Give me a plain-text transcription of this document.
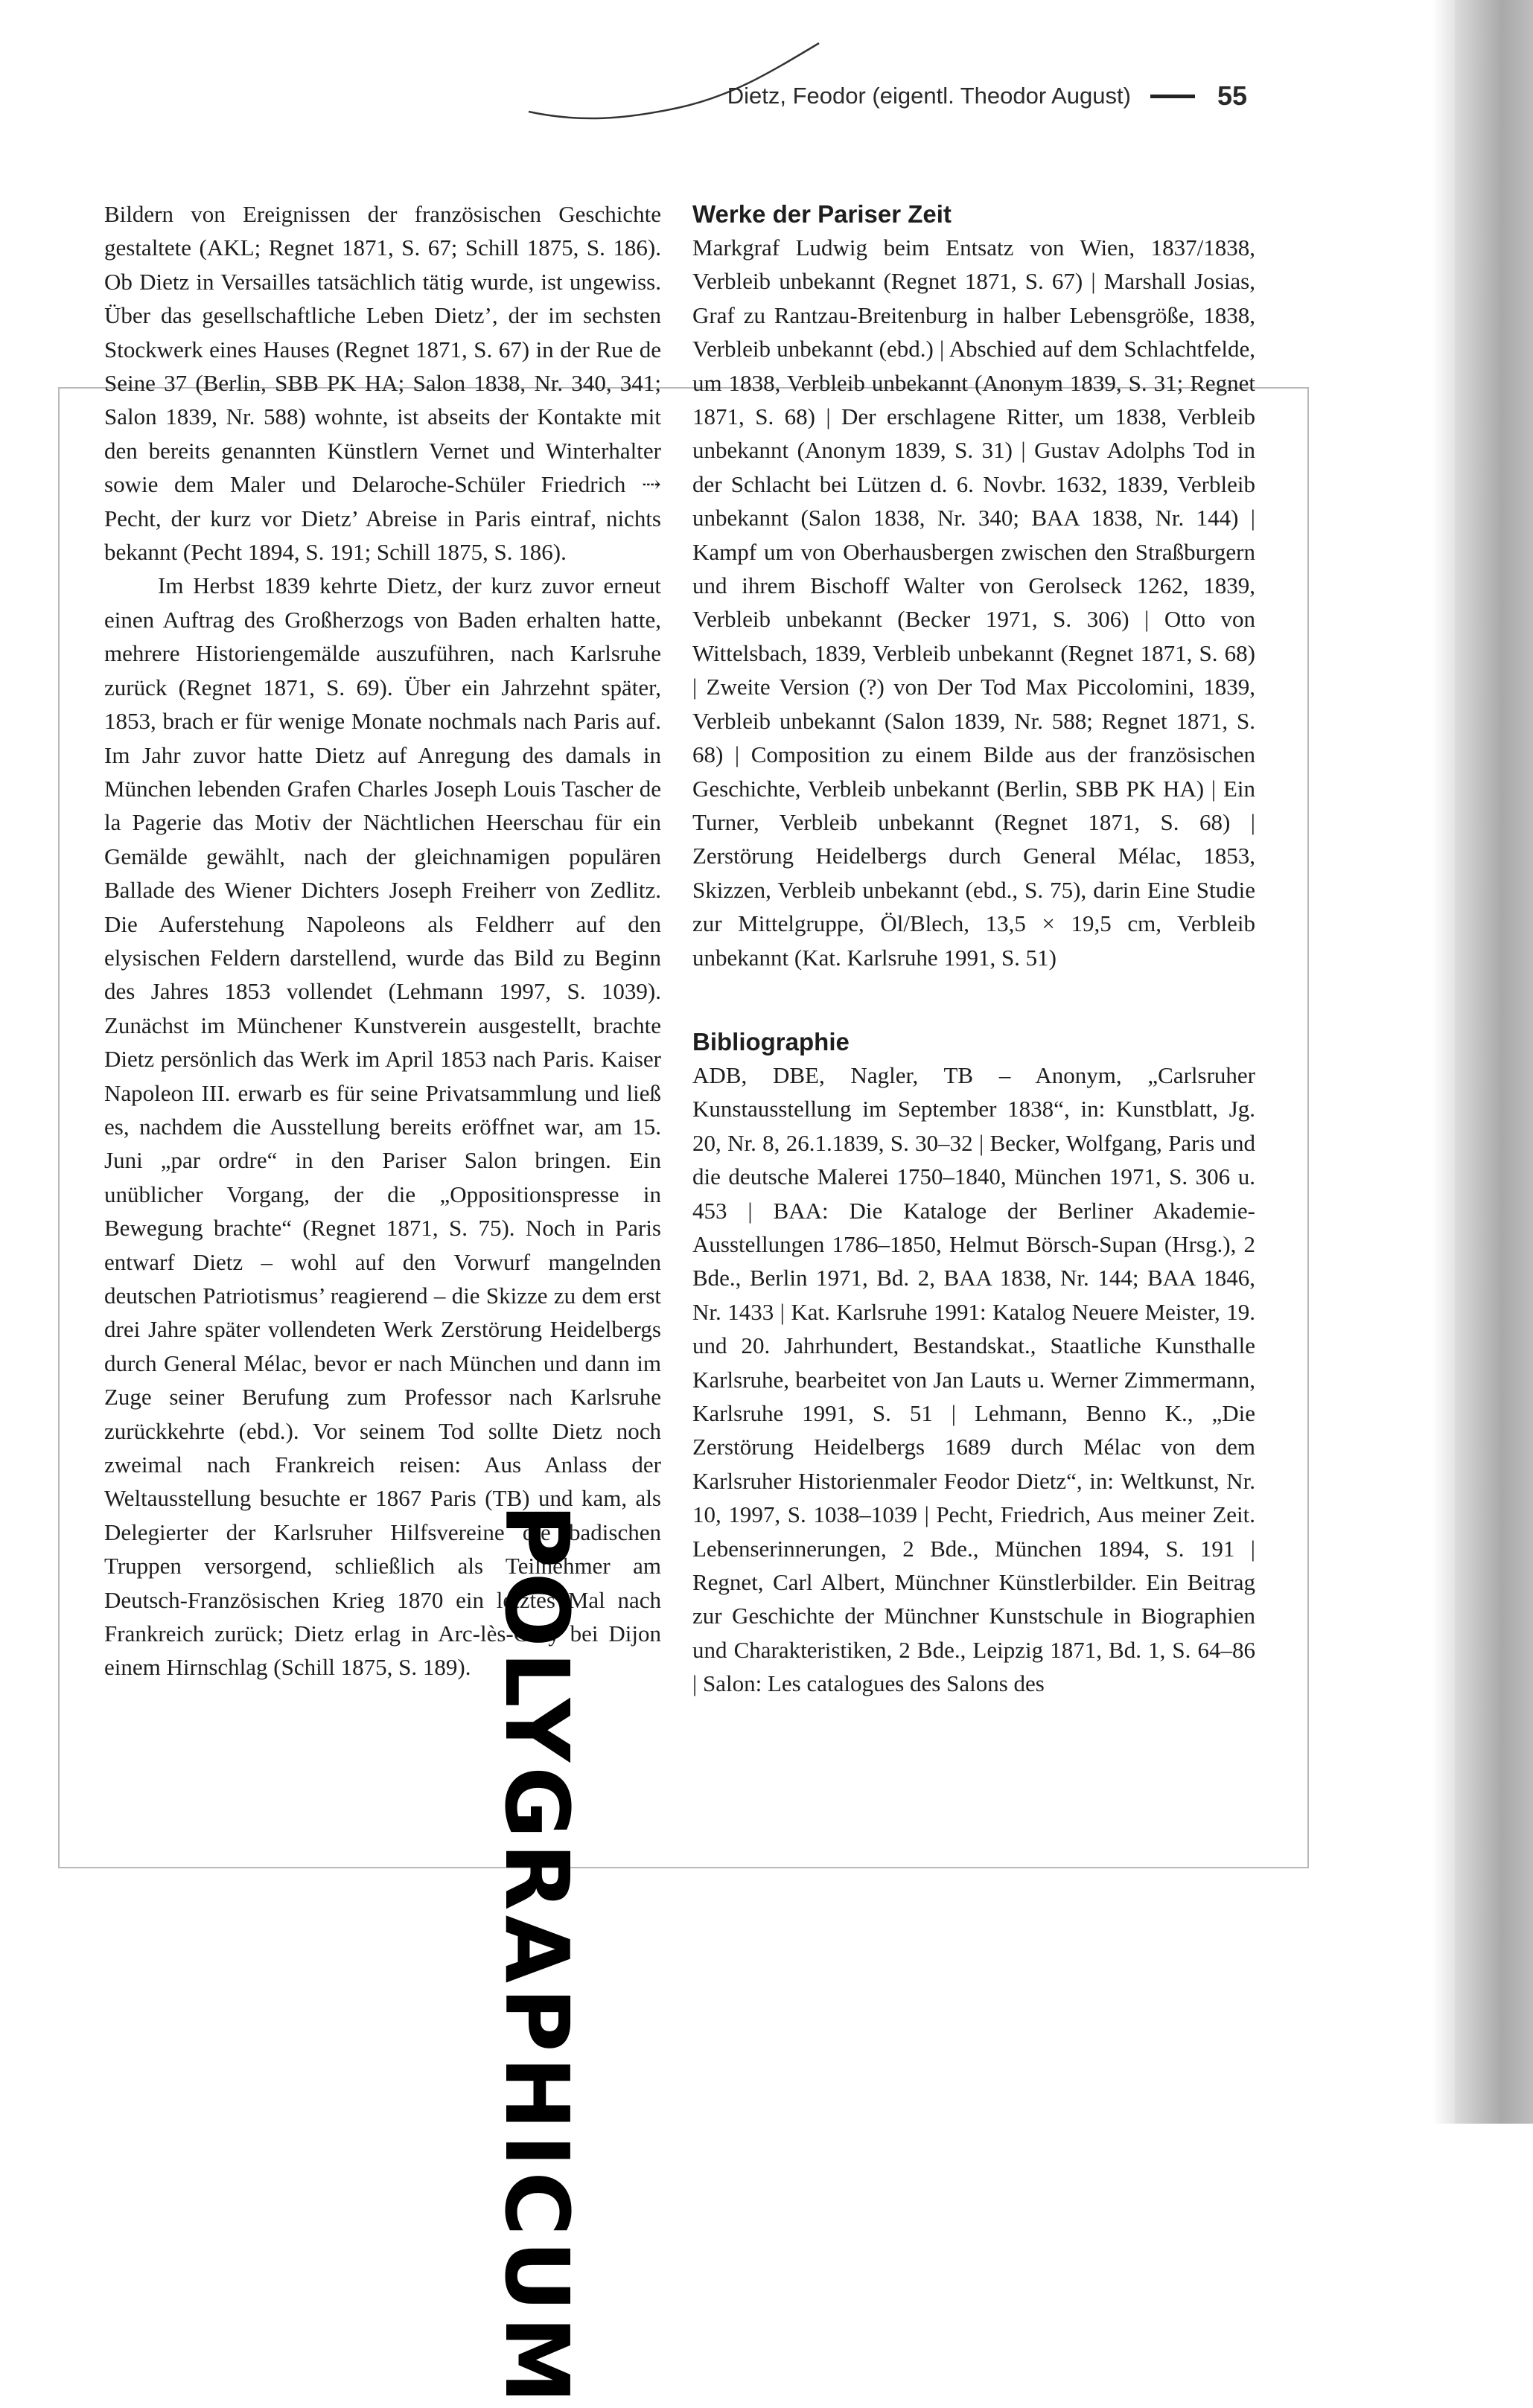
Dietz, Feodor (eigentl. Theodor August)	55

Bildern von Ereignissen der französischen Geschichte gestaltete (AKL; Regnet 1871, S. 67; Schill 1875, S. 186). Ob Dietz in Versailles tatsächlich tätig wurde, ist ungewiss. Über das gesellschaftliche Leben Dietz’, der im sechsten Stockwerk eines Hauses (Regnet 1871, S. 67) in der Rue de Seine 37 (Berlin, SBB PK HA; Salon 1838, Nr. 340, 341; Salon 1839, Nr. 588) wohnte, ist abseits der Kontakte mit den bereits genannten Künstlern Vernet und Winterhalter sowie dem Maler und Delaroche-Schüler Friedrich ⇢ Pecht, der kurz vor Dietz’ Abreise in Paris eintraf, nichts bekannt (Pecht 1894, S. 191; Schill 1875, S. 186).

Im Herbst 1839 kehrte Dietz, der kurz zuvor erneut einen Auftrag des Großherzogs von Baden erhalten hatte, mehrere Historiengemälde auszuführen, nach Karlsruhe zurück (Regnet 1871, S. 69). Über ein Jahrzehnt später, 1853, brach er für wenige Monate nochmals nach Paris auf. Im Jahr zuvor hatte Dietz auf Anregung des damals in München lebenden Grafen Charles Joseph Louis Tascher de la Pagerie das Motiv der Nächtlichen Heerschau für ein Gemälde gewählt, nach der gleichnamigen populären Ballade des Wiener Dichters Joseph Freiherr von Zedlitz. Die Auferstehung Napoleons als Feldherr auf den elysischen Feldern darstellend, wurde das Bild zu Beginn des Jahres 1853 vollendet (Lehmann 1997, S. 1039). Zunächst im Münchener Kunstverein ausgestellt, brachte Dietz persönlich das Werk im April 1853 nach Paris. Kaiser Napoleon III. erwarb es für seine Privatsammlung und ließ es, nachdem die Ausstellung bereits eröffnet war, am 15. Juni „par ordre“ in den Pariser Salon bringen. Ein unüblicher Vorgang, der die „Oppositionspresse in Bewegung brachte“ (Regnet 1871, S. 75). Noch in Paris entwarf Dietz – wohl auf den Vorwurf mangelnden deutschen Patriotismus’ reagierend – die Skizze zu dem erst drei Jahre später vollendeten Werk Zerstörung Heidelbergs durch General Mélac, bevor er nach München und dann im Zuge seiner Berufung zum Professor nach Karlsruhe zurückkehrte (ebd.). Vor seinem Tod sollte Dietz noch zweimal nach Frankreich reisen: Aus Anlass der Weltausstellung besuchte er 1867 Paris (TB) und kam, als Delegierter der Karlsruher Hilfsvereine die badischen Truppen versorgend, schließlich als Teilnehmer am Deutsch-Französischen Krieg 1870 ein letztes Mal nach Frankreich zurück; Dietz erlag in Arc-lès-Gray bei Dijon einem Hirnschlag (Schill 1875, S. 189).

Werke der Pariser Zeit

Markgraf Ludwig beim Entsatz von Wien, 1837/1838, Verbleib unbekannt (Regnet 1871, S. 67) | Marshall Josias, Graf zu Rantzau-Breitenburg in halber Lebensgröße, 1838, Verbleib unbekannt (ebd.) | Abschied auf dem Schlachtfelde, um 1838, Verbleib unbekannt (Anonym 1839, S. 31; Regnet 1871, S. 68) | Der erschlagene Ritter, um 1838, Verbleib unbekannt (Anonym 1839, S. 31) | Gustav Adolphs Tod in der Schlacht bei Lützen d. 6. Novbr. 1632, 1839, Verbleib unbekannt (Salon 1838, Nr. 340; BAA 1838, Nr. 144) | Kampf um von Oberhausbergen zwischen den Straßburgern und ihrem Bischoff Walter von Gerolseck 1262, 1839, Verbleib unbekannt (Becker 1971, S. 306) | Otto von Wittelsbach, 1839, Verbleib unbekannt (Regnet 1871, S. 68) | Zweite Version (?) von Der Tod Max Piccolomini, 1839, Verbleib unbekannt (Salon 1839, Nr. 588; Regnet 1871, S. 68) | Composition zu einem Bilde aus der französischen Geschichte, Verbleib unbekannt (Berlin, SBB PK HA) | Ein Turner, Verbleib unbekannt (Regnet 1871, S. 68) | Zerstörung Heidelbergs durch General Mélac, 1853, Skizzen, Verbleib unbekannt (ebd., S. 75), darin Eine Studie zur Mittelgruppe, Öl/Blech, 13,5 × 19,5 cm, Verbleib unbekannt (Kat. Karlsruhe 1991, S. 51)

Bibliographie

ADB, DBE, Nagler, TB – Anonym, „Carlsruher Kunstausstellung im September 1838“, in: Kunstblatt, Jg. 20, Nr. 8, 26.1.1839, S. 30–32 | Becker, Wolfgang, Paris und die deutsche Malerei 1750–1840, München 1971, S. 306 u. 453 | BAA: Die Kataloge der Berliner Akademie-Ausstellungen 1786–1850, Helmut Börsch-Supan (Hrsg.), 2 Bde., Berlin 1971, Bd. 2, BAA 1838, Nr. 144; BAA 1846, Nr. 1433 | Kat. Karlsruhe 1991: Katalog Neuere Meister, 19. und 20. Jahrhundert, Bestandskat., Staatliche Kunsthalle Karlsruhe, bearbeitet von Jan Lauts u. Werner Zimmermann, Karlsruhe 1991, S. 51 | Lehmann, Benno K., „Die Zerstörung Heidelbergs 1689 durch Mélac von dem Karlsruher Historienmaler Feodor Dietz“, in: Weltkunst, Nr. 10, 1997, S. 1038–1039 | Pecht, Friedrich, Aus meiner Zeit. Lebenserinnerungen, 2 Bde., München 1894, S. 191 | Regnet, Carl Albert, Münchner Künstlerbilder. Ein Beitrag zur Geschichte der Münchner Kunstschule in Biographien und Charakteristiken, 2 Bde., Leipzig 1871, Bd. 1, S. 64–86 | Salon: Les catalogues des Salons des

POLYGRAPHICUM
